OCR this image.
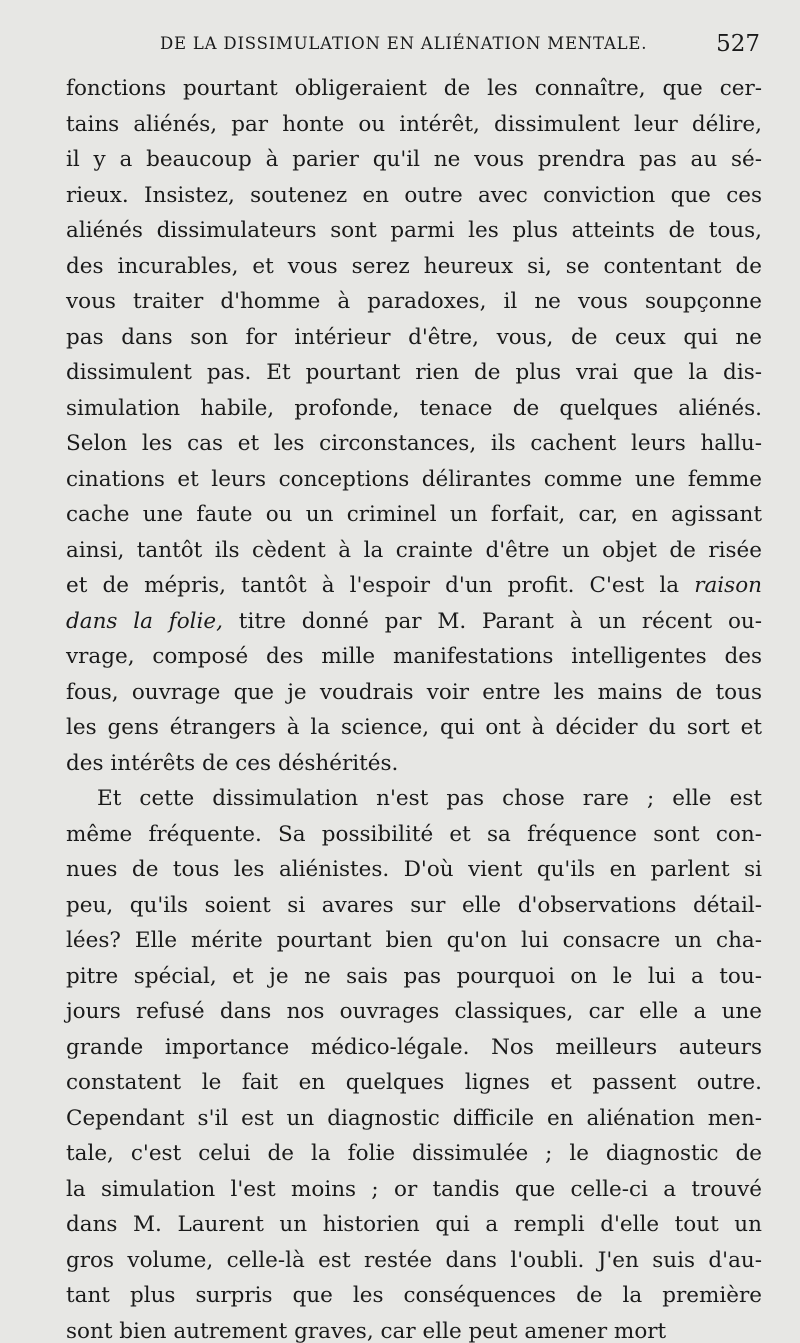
DE LA DISSIMULATION EN ALIÉNATION MENTALE.	527
fonctions pourtant obligeraient de les connaître, que cer-
tains aliénés, par honte ou intérêt, dissimulent leur délire,
il y a beaucoup à parier qu'il ne vous prendra pas au sé-
rieux. Insistez, soutenez en outre avec conviction que ces
aliénés dissimulateurs sont parmi les plus atteints de tous,
des incurables, et vous serez heureux si, se contentant de
vous traiter d'homme à paradoxes, il ne vous soupçonne
pas dans son for intérieur d'être, vous, de ceux qui ne
dissimulent pas. Et pourtant rien de plus vrai que la dis-
simulation habile, profonde, tenace de quelques aliénés.
Selon les cas et les circonstances, ils cachent leurs hallu-
cinations et leurs conceptions délirantes comme une femme
cache une faute ou un criminel un forfait, car, en agissant
ainsi, tantôt ils cèdent à la crainte d'être un objet de risée
et de mépris, tantôt à l'espoir d'un profit. C'est la raison
dans la folie, titre donné par M. Parant à un récent ou-
vrage, composé des mille manifestations intelligentes des
fous, ouvrage que je voudrais voir entre les mains de tous
les gens étrangers à la science, qui ont à décider du sort et
des intérêts de ces déshérités.
Et cette dissimulation n'est pas chose rare ; elle est
même fréquente. Sa possibilité et sa fréquence sont con-
nues de tous les aliénistes. D'où vient qu'ils en parlent si
peu, qu'ils soient si avares sur elle d'observations détail-
lées? Elle mérite pourtant bien qu'on lui consacre un cha-
pitre spécial, et je ne sais pas pourquoi on le lui a tou-
jours refusé dans nos ouvrages classiques, car elle a une
grande importance médico-légale. Nos meilleurs auteurs
constatent le fait en quelques lignes et passent outre.
Cependant s'il est un diagnostic difficile en aliénation men-
tale, c'est celui de la folie dissimulée ; le diagnostic de
la simulation l'est moins ; or tandis que celle-ci a trouvé
dans M. Laurent un historien qui a rempli d'elle tout un
gros volume, celle-là est restée dans l'oubli. J'en suis d'au-
tant plus surpris que les conséquences de la première
sont bien autrement graves, car elle peut amener mort
